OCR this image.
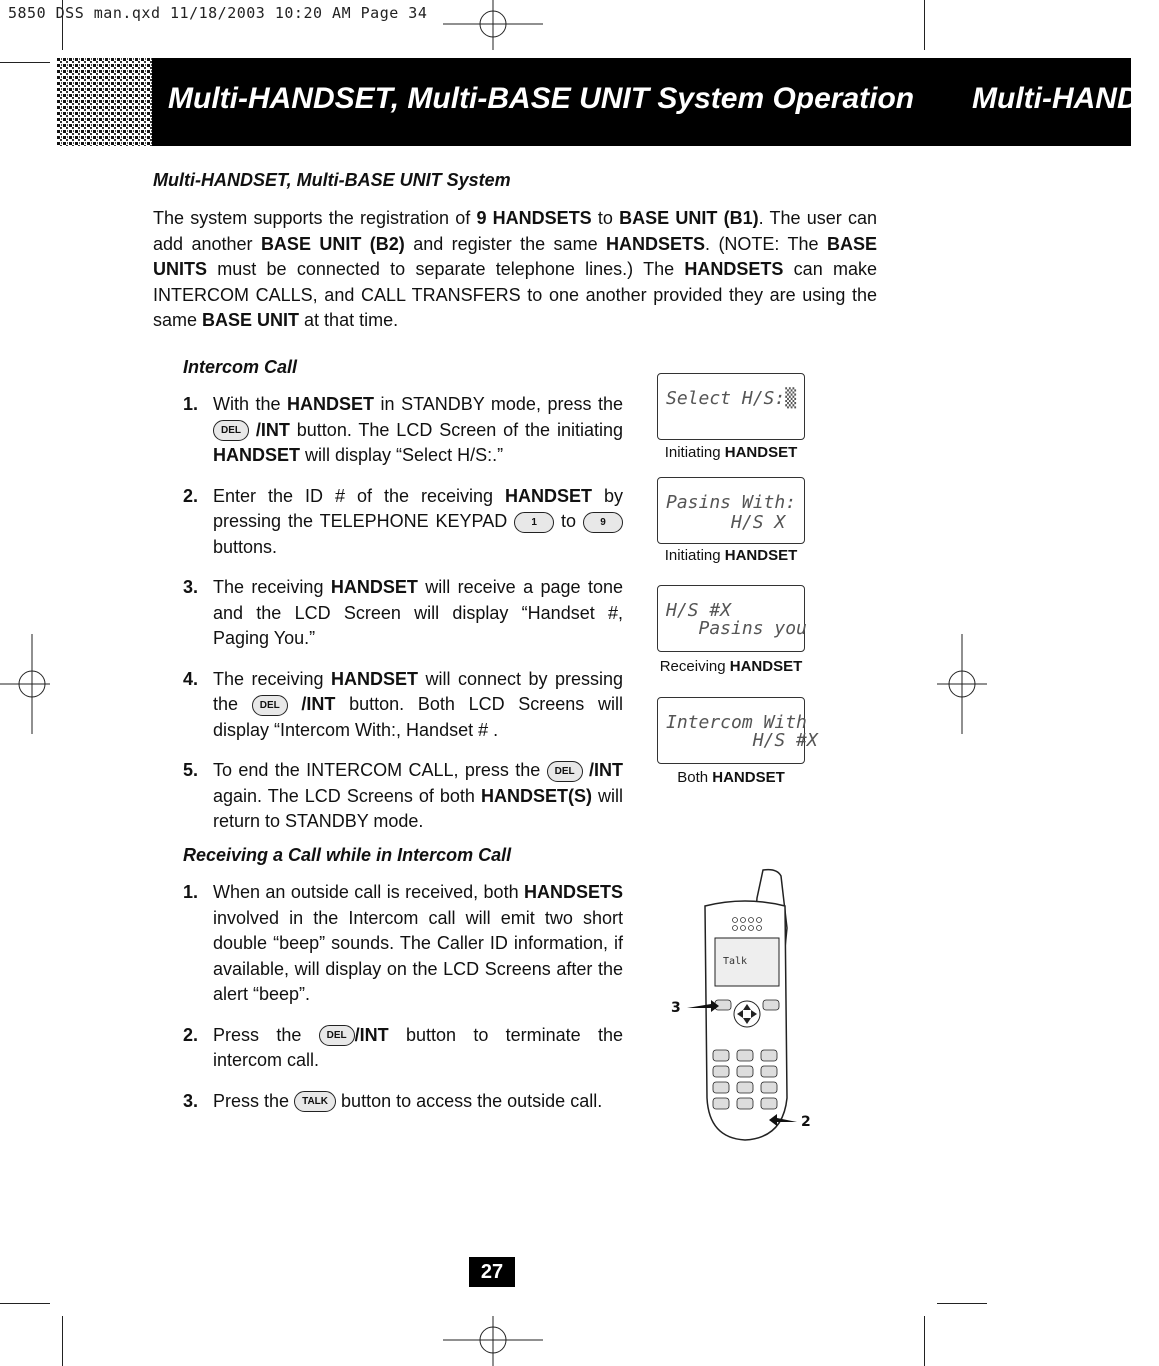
5850 DSS man.qxd 11/18/2003 10:20 AM Page 34
Multi-HANDSET, Multi-BASE UNIT System Operation Multi-HANDS
Multi-HANDSET, Multi-BASE UNIT System
The system supports the registration of 9 HANDSETS to BASE UNIT (B1). The user can add another BASE UNIT (B2) and register the same HANDSETS. (NOTE: The BASE UNITS must be connected to separate telephone lines.) The HANDSETS can make INTERCOM CALLS, and CALL TRANSFERS to one another provided they are using the same BASE UNIT at that time.
Intercom Call
1. With the HANDSET in STANDBY mode, press the DEL /INT button. The LCD Screen of the initiating HANDSET will display “Select H/S:.”
2. Enter the ID # of the receiving HANDSET by pressing the TELEPHONE KEYPAD 1 to 9 buttons.
3. The receiving HANDSET will receive a page tone and the LCD Screen will display “Handset #, Paging You.”
4. The receiving HANDSET will connect by pressing the DEL /INT button. Both LCD Screens will display “Intercom With:, Handset # .
5. To end the INTERCOM CALL, press the DEL /INT again. The LCD Screens of both HANDSET(S) will return to STANDBY mode.
Select H/S:▒
Initiating HANDSET
Pasins With:
H/S X
Initiating HANDSET
H/S #X
Pasins you
Receiving HANDSET
Intercom With
H/S #X
Both HANDSET
Receiving a Call while in Intercom Call
1. When an outside call is received, both HANDSETS involved in the Intercom call will emit two short double “beep” sounds. The Caller ID information, if available, will display on the LCD Screens after the alert “beep”.
2. Press the DEL /INT button to terminate the intercom call.
3. Press the TALK button to access the outside call.
Talk
3
2
27
